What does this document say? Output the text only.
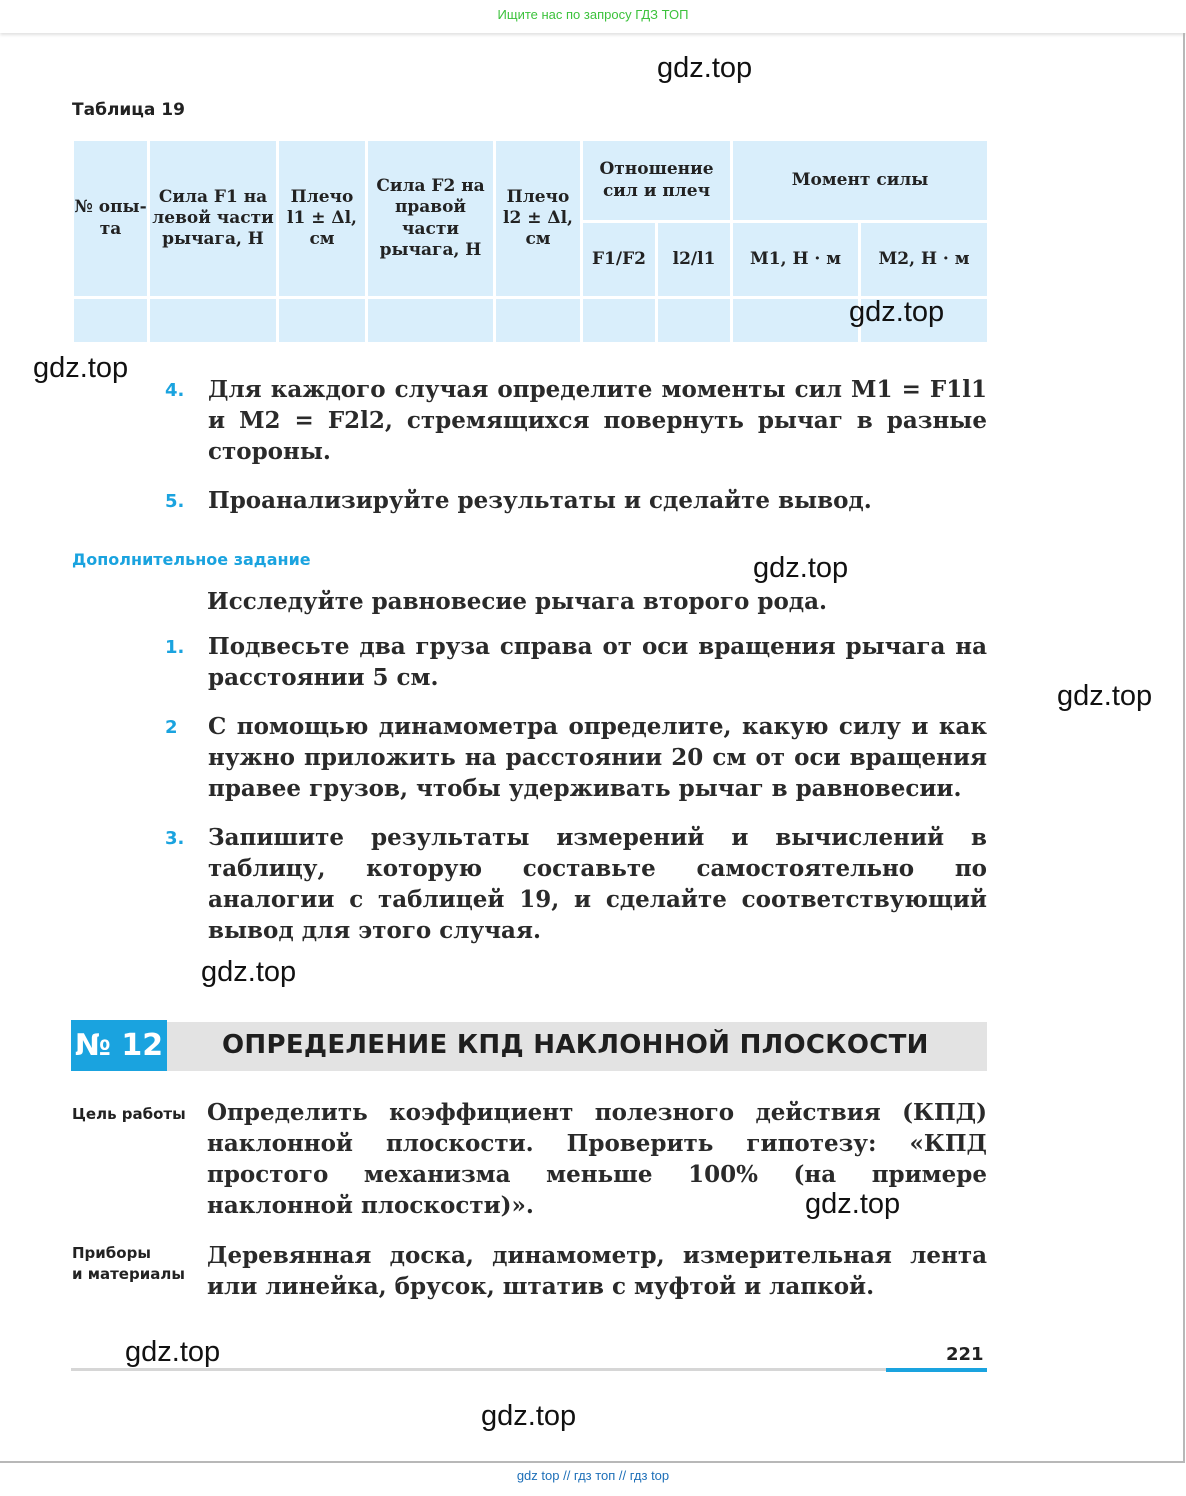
Ищите нас по запросу ГДЗ ТОП
Таблица 19
№ опы-та	Сила F1 на левой части рычага, Н	Плечо l1 ± Δl, см	Сила F2 на правой части рычага, Н	Плечо l2 ± Δl, см	Отношение сил и плеч		Момент силы	
					F1/F2	l2/l1	M1, Н · м	M2, Н · м

4. Для каждого случая определите моменты сил M1 = F1l1 и M2 = F2l2, стремящихся повернуть рычаг в разные стороны.
5. Проанализируйте результаты и сделайте вывод.
Дополнительное задание
Исследуйте равновесие рычага второго рода.
1. Подвесьте два груза справа от оси вращения рычага на расстоянии 5 см.
2 С помощью динамометра определите, какую силу и как нужно приложить на расстоянии 20 см от оси вращения правее грузов, чтобы удерживать рычаг в равновесии.
3. Запишите результаты измерений и вычислений в таблицу, которую составьте самостоятельно по аналогии с таблицей 19, и сделайте соответствующий вывод для этого случая.
№ 12 ОПРЕДЕЛЕНИЕ КПД НАКЛОННОЙ ПЛОСКОСТИ
Цель работы Определить коэффициент полезного действия (КПД) наклонной плоскости. Проверить гипотезу: «КПД простого механизма меньше 100% (на примере наклонной плоскости)».
Приборы
и материалы
Деревянная доска, динамометр, измерительная лента или линейка, брусок, штатив с муфтой и лапкой.
221
gdz.top
gdz.top
gdz.top
gdz.top
gdz.top
gdz.top
gdz.top
gdz.top
gdz.top
gdz top // гдз топ // гдз top
